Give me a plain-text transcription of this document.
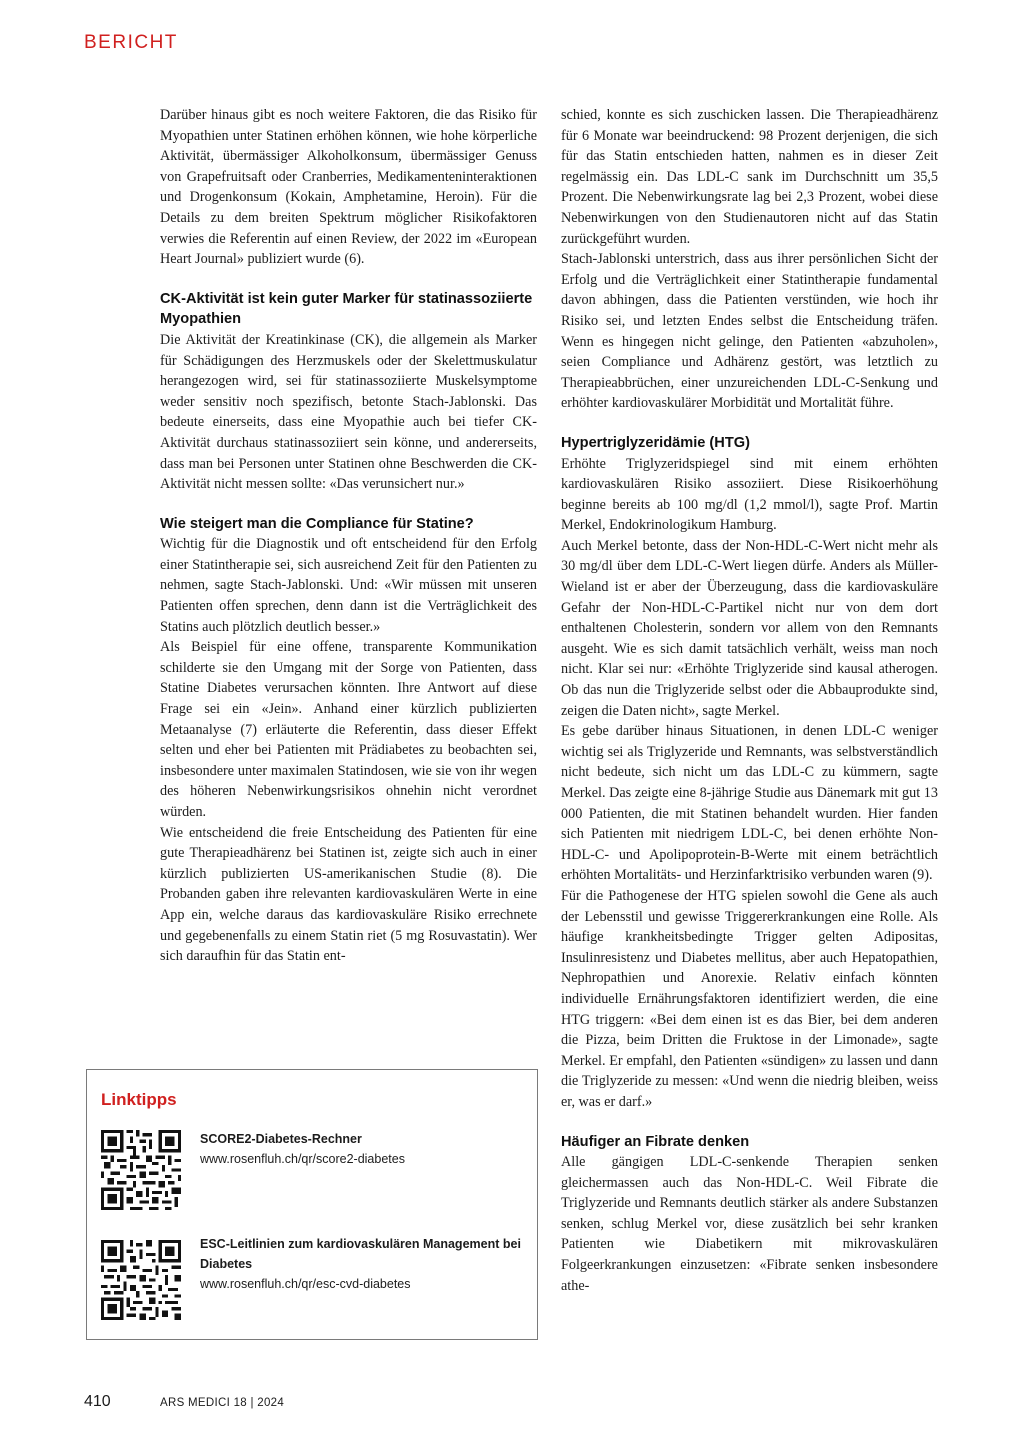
BERICHT

Darüber hinaus gibt es noch weitere Faktoren, die das Risiko für Myopathien unter Statinen erhöhen können, wie hohe körperliche Aktivität, übermässiger Alkoholkonsum, übermässiger Genuss von Grapefruitsaft oder Cranberries, Medikamenteninteraktionen und Drogenkonsum (Kokain, Amphetamine, Heroin). Für die Details zu dem breiten Spektrum möglicher Risikofaktoren verwies die Referentin auf einen Review, der 2022 im «European Heart Journal» publiziert wurde (6).

CK-Aktivität ist kein guter Marker für statinassoziierte Myopathien

Die Aktivität der Kreatinkinase (CK), die allgemein als Marker für Schädigungen des Herzmuskels oder der Skelettmuskulatur herangezogen wird, sei für statinassoziierte Muskelsymptome weder sensitiv noch spezifisch, betonte Stach-Jablonski. Das bedeute einerseits, dass eine Myopathie auch bei tiefer CK-Aktivität durchaus statinassoziiert sein könne, und andererseits, dass man bei Personen unter Statinen ohne Beschwerden die CK-Aktivität nicht messen sollte: «Das verunsichert nur.»

Wie steigert man die Compliance für Statine?

Wichtig für die Diagnostik und oft entscheidend für den Erfolg einer Statintherapie sei, sich ausreichend Zeit für den Patienten zu nehmen, sagte Stach-Jablonski. Und: «Wir müssen mit unseren Patienten offen sprechen, denn dann ist die Verträglichkeit des Statins auch plötzlich deutlich besser.»

Als Beispiel für eine offene, transparente Kommunikation schilderte sie den Umgang mit der Sorge von Patienten, dass Statine Diabetes verursachen könnten. Ihre Antwort auf diese Frage sei ein «Jein». Anhand einer kürzlich publizierten Metaanalyse (7) erläuterte die Referentin, dass dieser Effekt selten und eher bei Patienten mit Prädiabetes zu beobachten sei, insbesondere unter maximalen Statindosen, wie sie von ihr wegen des höheren Nebenwirkungsrisikos ohnehin nicht verordnet würden.

Wie entscheidend die freie Entscheidung des Patienten für eine gute Therapieadhärenz bei Statinen ist, zeigte sich auch in einer kürzlich publizierten US-amerikanischen Studie (8). Die Probanden gaben ihre relevanten kardiovaskulären Werte in eine App ein, welche daraus das kardiovaskuläre Risiko errechnete und gegebenenfalls zu einem Statin riet (5 mg Rosuvastatin). Wer sich daraufhin für das Statin ent-

schied, konnte es sich zuschicken lassen. Die Therapieadhärenz für 6 Monate war beeindruckend: 98 Prozent derjenigen, die sich für das Statin entschieden hatten, nahmen es in dieser Zeit regelmässig ein. Das LDL-C sank im Durchschnitt um 35,5 Prozent. Die Nebenwirkungsrate lag bei 2,3 Prozent, wobei diese Nebenwirkungen von den Studienautoren nicht auf das Statin zurückgeführt wurden.

Stach-Jablonski unterstrich, dass aus ihrer persönlichen Sicht der Erfolg und die Verträglichkeit einer Statintherapie fundamental davon abhingen, dass die Patienten verstünden, wie hoch ihr Risiko sei, und letzten Endes selbst die Entscheidung träfen. Wenn es hingegen nicht gelinge, den Patienten «abzuholen», seien Compliance und Adhärenz gestört, was letztlich zu Therapieabbrüchen, einer unzureichenden LDL-C-Senkung und erhöhter kardiovaskulärer Morbidität und Mortalität führe.

Hypertriglyzeridämie (HTG)

Erhöhte Triglyzeridspiegel sind mit einem erhöhten kardiovaskulären Risiko assoziiert. Diese Risikoerhöhung beginne bereits ab 100 mg/dl (1,2 mmol/l), sagte Prof. Martin Merkel, Endokrinologikum Hamburg.

Auch Merkel betonte, dass der Non-HDL-C-Wert nicht mehr als 30 mg/dl über dem LDL-C-Wert liegen dürfe. Anders als Müller-Wieland ist er aber der Überzeugung, dass die kardiovaskuläre Gefahr der Non-HDL-C-Partikel nicht nur von dem dort enthaltenen Cholesterin, sondern vor allem von den Remnants ausgeht. Wie es sich damit tatsächlich verhält, weiss man noch nicht. Klar sei nur: «Erhöhte Triglyzeride sind kausal atherogen. Ob das nun die Triglyzeride selbst oder die Abbauprodukte sind, zeigen die Daten nicht», sagte Merkel.

Es gebe darüber hinaus Situationen, in denen LDL-C weniger wichtig sei als Triglyzeride und Remnants, was selbstverständlich nicht bedeute, sich nicht um das LDL-C zu kümmern, sagte Merkel. Das zeigte eine 8-jährige Studie aus Dänemark mit gut 13 000 Patienten, die mit Statinen behandelt wurden. Hier fanden sich Patienten mit niedrigem LDL-C, bei denen erhöhte Non-HDL-C- und Apolipoprotein-B-Werte mit einem beträchtlich erhöhten Mortalitäts- und Herzinfarktrisiko verbunden waren (9).

Für die Pathogenese der HTG spielen sowohl die Gene als auch der Lebensstil und gewisse Triggererkrankungen eine Rolle. Als häufige krankheitsbedingte Trigger gelten Adipositas, Insulinresistenz und Diabetes mellitus, aber auch Hepatopathien, Nephropathien und Anorexie. Relativ einfach könnten individuelle Ernährungsfaktoren identifiziert werden, die eine HTG triggern: «Bei dem einen ist es das Bier, bei dem anderen die Pizza, beim Dritten die Fruktose in der Limonade», sagte Merkel. Er empfahl, den Patienten «sündigen» zu lassen und dann die Triglyzeride zu messen: «Und wenn die niedrig bleiben, weiss er, was er darf.»

Häufiger an Fibrate denken

Alle gängigen LDL-C-senkende Therapien senken gleichermassen auch das Non-HDL-C. Weil Fibrate die Triglyzeride und Remnants deutlich stärker als andere Substanzen senken, schlug Merkel vor, diese zusätzlich bei sehr kranken Patienten wie Diabetikern mit mikrovaskulären Folgeerkrankungen einzusetzen: «Fibrate senken insbesondere athe-

Linktipps
SCORE2-Diabetes-Rechner
www.rosenfluh.ch/qr/score2-diabetes
ESC-Leitlinien zum kardiovaskulären Management bei Diabetes
www.rosenfluh.ch/qr/esc-cvd-diabetes
410	ARS MEDICI 18 | 2024
